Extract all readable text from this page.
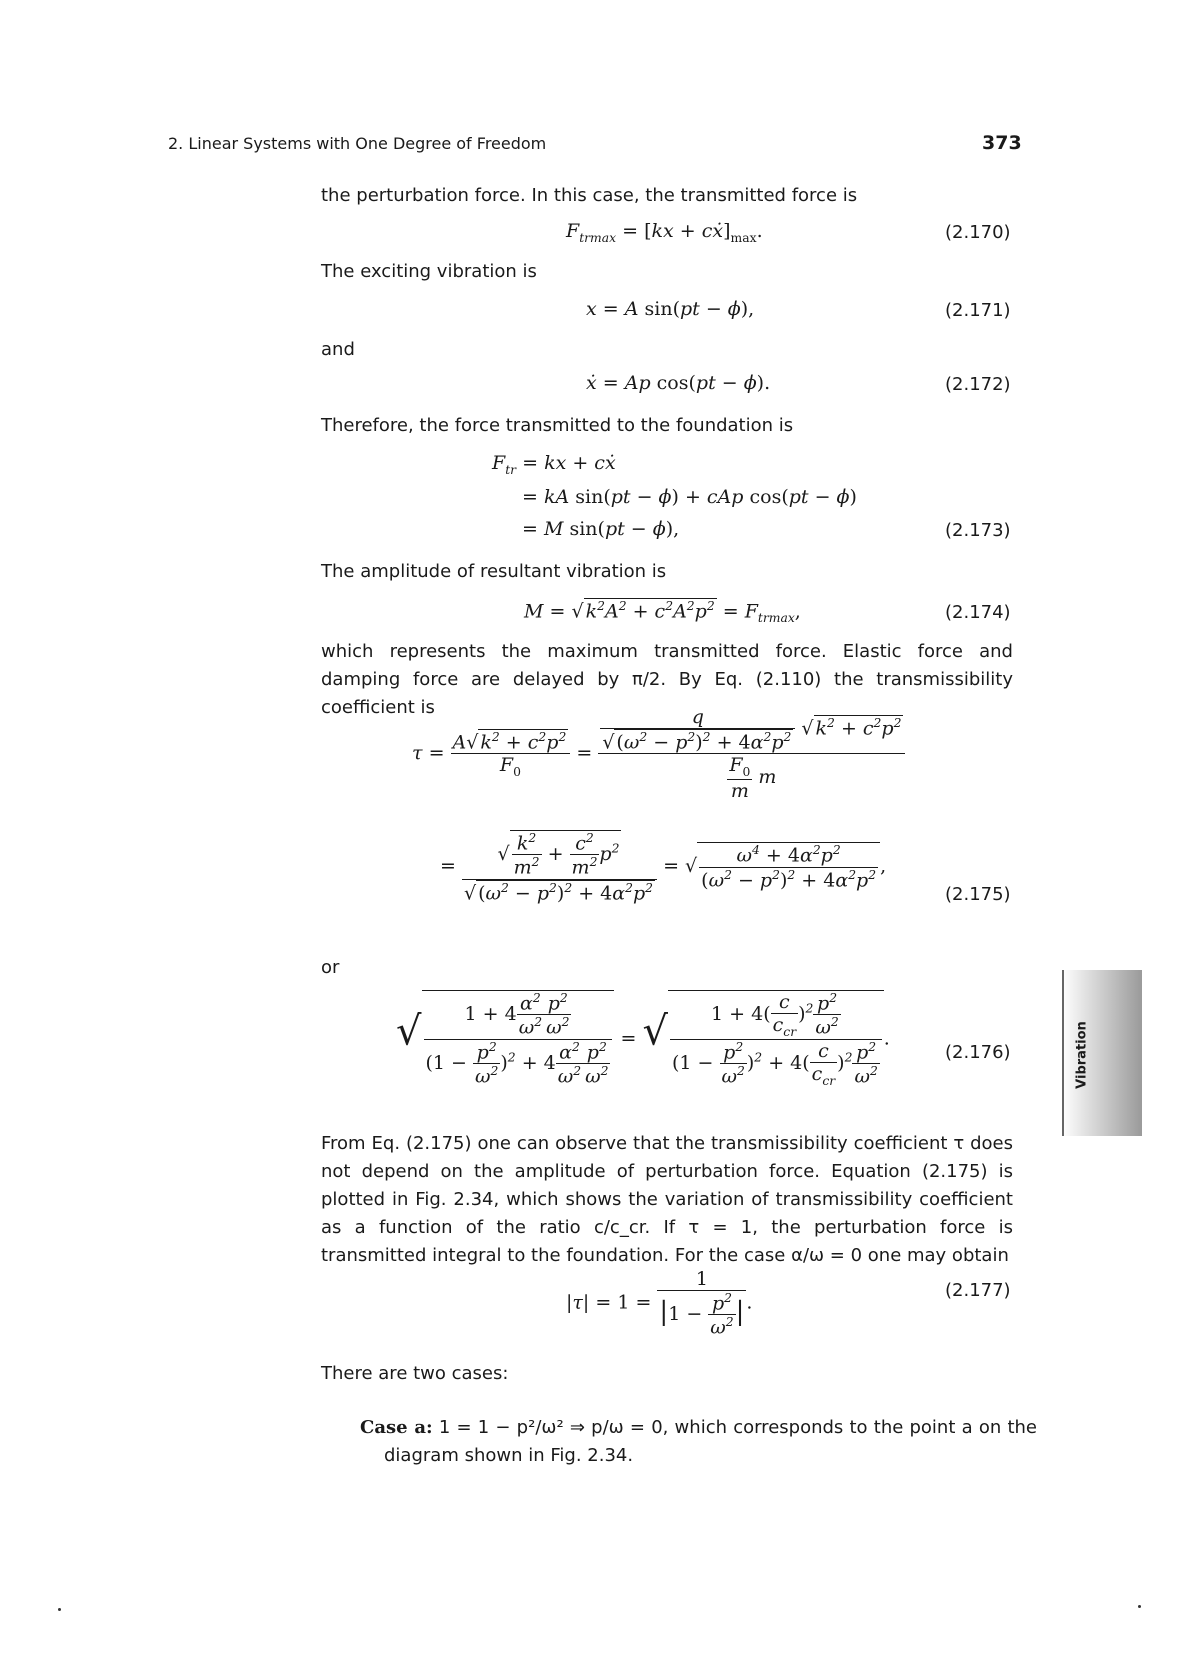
2. Linear Systems with One Degree of Freedom	373
Vibration
the perturbation force. In this case, the transmitted force is
$F_{trmax} = [kx$ + $cẋ]_{max}$.	(2.170)
The exciting vibration is
x = A sin(pt − ϕ),	(2.171)
and
ẋ = Ap cos(pt − ϕ).	(2.172)
Therefore, the force transmitted to the foundation is
$F_{tr}$ = kx + cẋ
= kA sin(pt − ϕ) + cAp cos(pt − ϕ)
= M sin(pt − ϕ),	(2.173)
The amplitude of resultant vibration is
M = √ $k^2A^2 + c^2A^2p^2 = F_{trmax}$,	(2.174)
which represents the maximum transmitted force. Elastic force and damping force are delayed by π/2. By Eq. (2.110) the transmissibility coefficient is
$\tau = \frac{A√ k^2 + c^2p^2}{F_0} = \frac{\frac{q}{√ (\omega^2 - p^2)^2 + 4\alpha^2p^2} √ k^2 + c^2p^2}{\frac{F_0}{m} m}$
= $\frac{√ \frac{k^2}{m^2} + \frac{c^2}{m^2} p^2}{√ (\omega^2 - p^2)^2 + 4\alpha^2p^2}$ = √ $\frac{\omega^4 + 4\alpha^2p^2}{(\omega^2 - p^2)^2 + 4\alpha^2p^2}$ ,
(2.175)
or
√ $\frac{1 + 4 \frac{\alpha^2}{\omega^2} \frac{p^2}{\omega^2}}{(1 - \frac{p^2}{\omega^2} )^2 + 4 \frac{\alpha^2}{\omega^2} \frac{p^2}{\omega^2}}$ = √ $\frac{1 + 4( \frac{c}{c_{cr}} )^2 \frac{p^2}{\omega^2}}{(1 - \frac{p^2}{\omega^2} )^2 + 4( \frac{c}{c_{cr}} )^2 \frac{p^2}{\omega^2}}$ .
(2.176)
From Eq. (2.175) one can observe that the transmissibility coefficient τ does not depend on the amplitude of perturbation force. Equation (2.175) is plotted in Fig. 2.34, which shows the variation of transmissibility coefficient as a function of the ratio c/c_cr. If τ = 1, the perturbation force is transmitted integral to the foundation. For the case α/ω = 0 one may obtain
$|\tau| = 1 = \frac{1}{|1 - \frac{p^2}{\omega^2} |}$ .
(2.177)
There are two cases:
Case a: 1 = 1 − p²/ω² ⇒ p/ω = 0, which corresponds to the point a on the diagram shown in Fig. 2.34.
